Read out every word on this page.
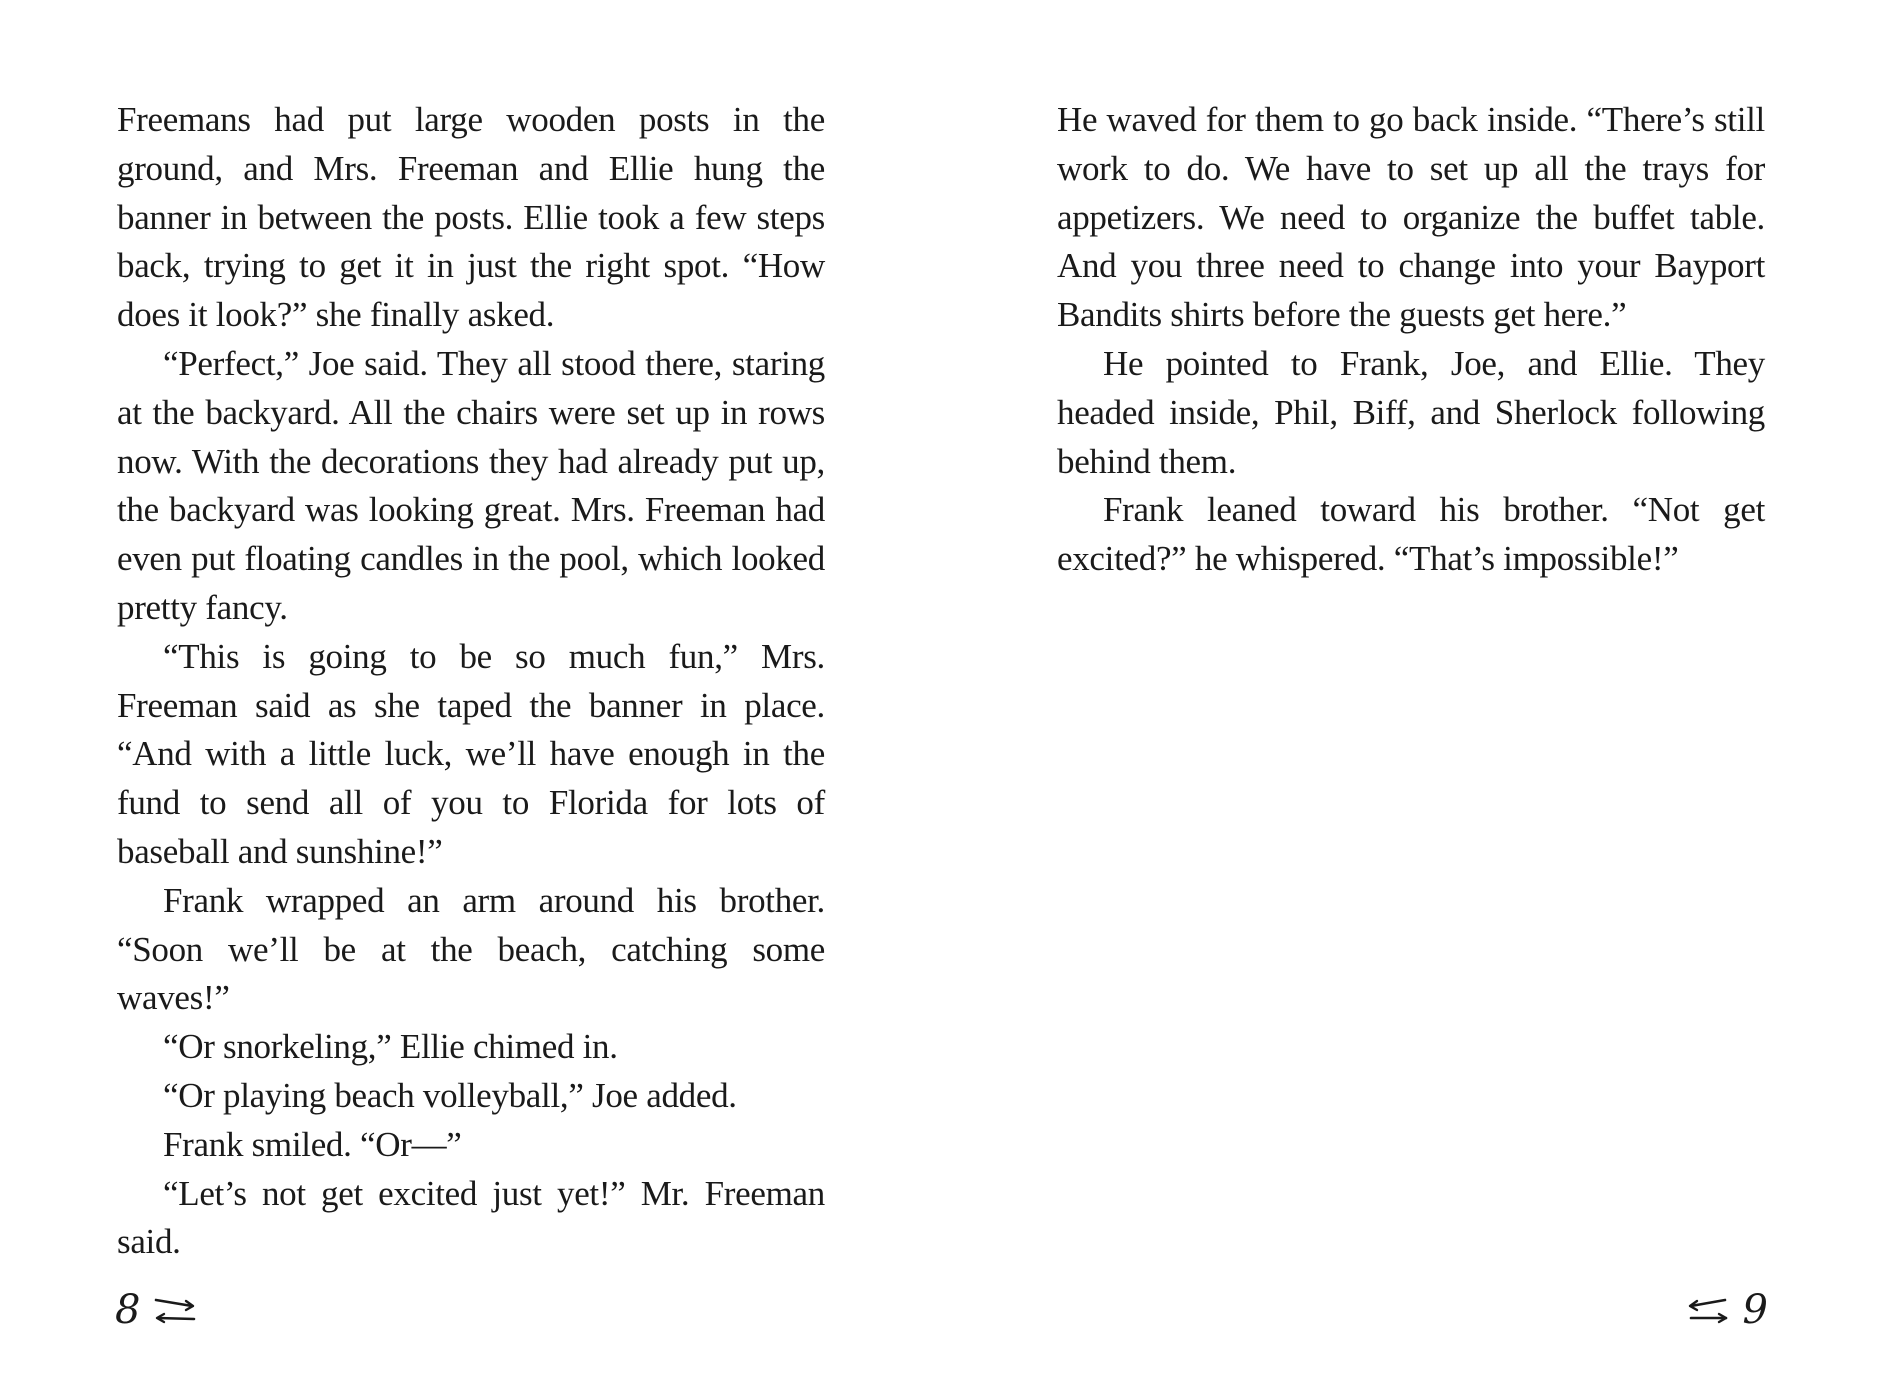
Freemans had put large wooden posts in the ground, and Mrs. Freeman and Ellie hung the banner in between the posts. Ellie took a few steps back, trying to get it in just the right spot. “How does it look?” she finally asked.

“Perfect,” Joe said. They all stood there, staring at the backyard. All the chairs were set up in rows now. With the decorations they had already put up, the backyard was looking great. Mrs. Freeman had even put floating candles in the pool, which looked pretty fancy.

“This is going to be so much fun,” Mrs. Freeman said as she taped the banner in place. “And with a little luck, we’ll have enough in the fund to send all of you to Florida for lots of baseball and sunshine!”

Frank wrapped an arm around his brother. “Soon we’ll be at the beach, catching some waves!”

“Or snorkeling,” Ellie chimed in.

“Or playing beach volleyball,” Joe added.

Frank smiled. “Or—”

“Let’s not get excited just yet!” Mr. Freeman said.

8

He waved for them to go back inside. “There’s still work to do. We have to set up all the trays for appetizers. We need to organize the buffet table. And you three need to change into your Bayport Bandits shirts before the guests get here.”

He pointed to Frank, Joe, and Ellie. They headed inside, Phil, Biff, and Sherlock following behind them.

Frank leaned toward his brother. “Not get excited?” he whispered. “That’s impossible!”

9
